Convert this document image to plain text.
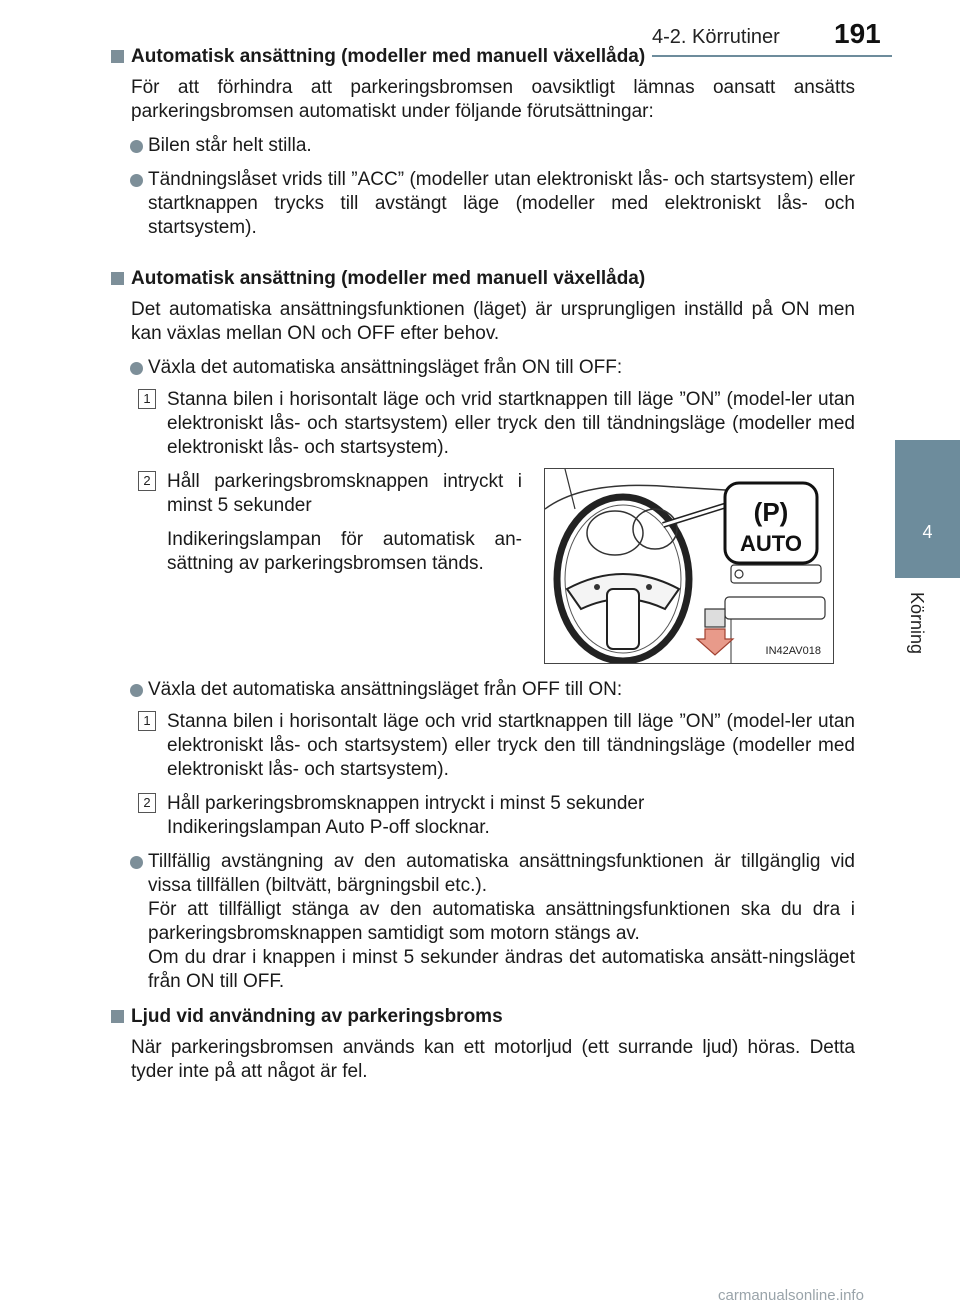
4-2. Körrutiner 191
4
Körning
Automatisk ansättning (modeller med manuell växellåda)
För att förhindra att parkeringsbromsen oavsiktligt lämnas oansatt ansätts parkeringsbromsen automatiskt under följande förutsättningar:
Bilen står helt stilla.
Tändningslåset vrids till ”ACC” (modeller utan elektroniskt lås- och startsystem) eller startknappen trycks till avstängt läge (modeller med elektroniskt lås- och startsystem).
Automatisk ansättning (modeller med manuell växellåda)
Det automatiska ansättningsfunktionen (läget) är ursprungligen inställd på ON men kan växlas mellan ON och OFF efter behov.
Växla det automatiska ansättningsläget från ON till OFF:
1 Stanna bilen i horisontalt läge och vrid startknappen till läge ”ON” (model-ler utan elektroniskt lås- och startsystem) eller tryck den till tändningsläge (modeller med elektroniskt lås- och startsystem).
2 Håll parkeringsbromsknappen intryckt i minst 5 sekunder
Indikeringslampan för automatisk an-sättning av parkeringsbromsen tänds.
Växla det automatiska ansättningsläget från OFF till ON:
1 Stanna bilen i horisontalt läge och vrid startknappen till läge ”ON” (model-ler utan elektroniskt lås- och startsystem) eller tryck den till tändningsläge (modeller med elektroniskt lås- och startsystem).
2 Håll parkeringsbromsknappen intryckt i minst 5 sekunder
Indikeringslampan Auto P-off slocknar.
Tillfällig avstängning av den automatiska ansättningsfunktionen är tillgänglig vid vissa tillfällen (biltvätt, bärgningsbil etc.).
För att tillfälligt stänga av den automatiska ansättningsfunktionen ska du dra i parkeringsbromsknappen samtidigt som motorn stängs av.
Om du drar i knappen i minst 5 sekunder ändras det automatiska ansätt-ningsläget från ON till OFF.
Ljud vid användning av parkeringsbroms
När parkeringsbromsen används kan ett motorljud (ett surrande ljud) höras. Detta tyder inte på att något är fel.
(P)
AUTO
IN42AV018
carmanualsonline.info
